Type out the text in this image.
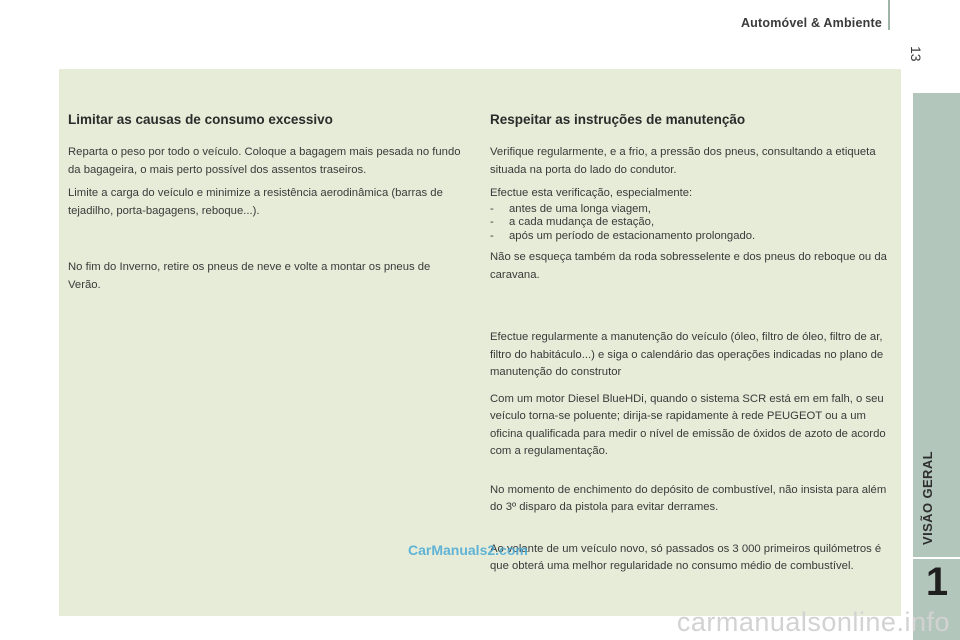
Automóvel & Ambiente
13
VISÃO GERAL
1
Limitar as causas de consumo excessivo

Reparta o peso por todo o veículo. Coloque a bagagem mais pesada no fundo da bagageira, o mais perto possível dos assentos traseiros.

Limite a carga do veículo e minimize a resistência aerodinâmica (barras de tejadilho, porta-bagagens, reboque...).

No fim do Inverno, retire os pneus de neve e volte a montar os pneus de Verão.

Respeitar as instruções de manutenção

Verifique regularmente, e a frio, a pressão dos pneus, consultando a etiqueta situada na porta do lado do condutor.

Efectue esta verificação, especialmente:

- antes de uma longa viagem,
- a cada mudança de estação,
- após um período de estacionamento prolongado.

Não se esqueça também da roda sobresselente e dos pneus do reboque ou da caravana.

Efectue regularmente a manutenção do veículo (óleo, filtro de óleo, filtro de ar, filtro do habitáculo...) e siga o calendário das operações indicadas no plano de manutenção do construtor

Com um motor Diesel BlueHDi, quando o sistema SCR está em em falh, o seu veículo torna-se poluente; dirija-se rapidamente à rede PEUGEOT ou a um oficina qualificada para medir o nível de emissão de óxidos de azoto de acordo com a regulamentação.

No momento de enchimento do depósito de combustível, não insista para além do 3º disparo da pistola para evitar derrames.

Ao volante de um veículo novo, só passados os 3 000 primeiros quilómetros é que obterá uma melhor regularidade no consumo médio de combustível.

CarManuals2.com
carmanualsonline.info
